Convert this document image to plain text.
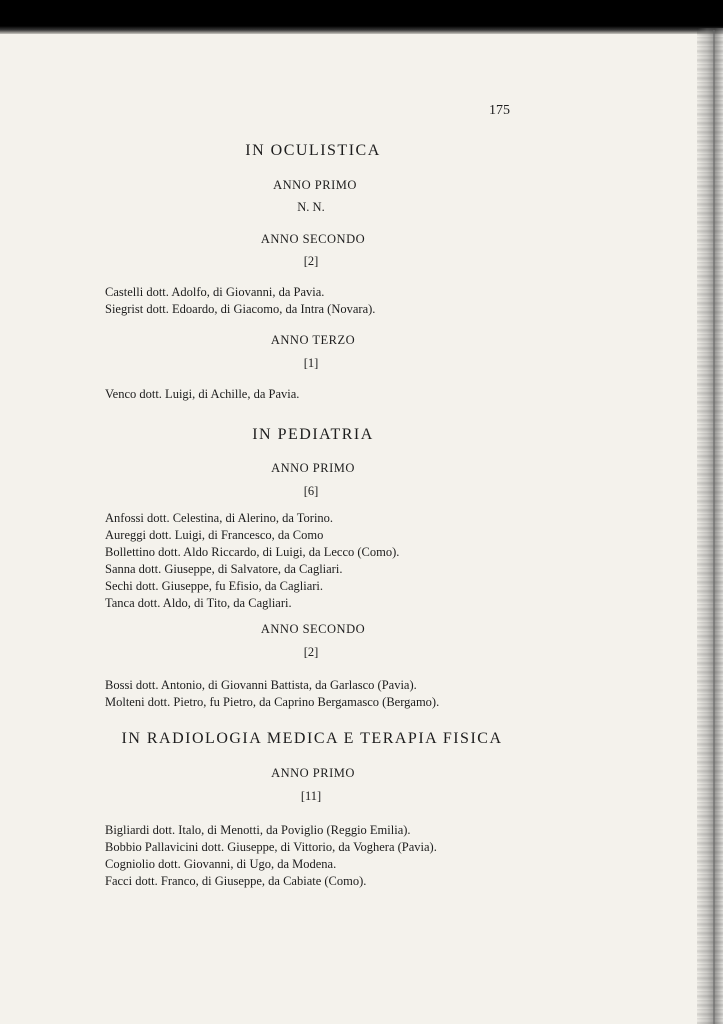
175
IN OCULISTICA
ANNO PRIMO
N. N.
ANNO SECONDO
[2]
Castelli dott. Adolfo, di Giovanni, da Pavia.
Siegrist dott. Edoardo, di Giacomo, da Intra (Novara).
ANNO TERZO
[1]
Venco dott. Luigi, di Achille, da Pavia.
IN PEDIATRIA
ANNO PRIMO
[6]
Anfossi dott. Celestina, di Alerino, da Torino.
Aureggi dott. Luigi, di Francesco, da Como
Bollettino dott. Aldo Riccardo, di Luigi, da Lecco (Como).
Sanna dott. Giuseppe, di Salvatore, da Cagliari.
Sechi dott. Giuseppe, fu Efisio, da Cagliari.
Tanca dott. Aldo, di Tito, da Cagliari.
ANNO SECONDO
[2]
Bossi dott. Antonio, di Giovanni Battista, da Garlasco (Pavia).
Molteni dott. Pietro, fu Pietro, da Caprino Bergamasco (Bergamo).
IN RADIOLOGIA MEDICA E TERAPIA FISICA
ANNO PRIMO
[11]
Bigliardi dott. Italo, di Menotti, da Poviglio (Reggio Emilia).
Bobbio Pallavicini dott. Giuseppe, di Vittorio, da Voghera (Pavia).
Cogniolio dott. Giovanni, di Ugo, da Modena.
Facci dott. Franco, di Giuseppe, da Cabiate (Como).
